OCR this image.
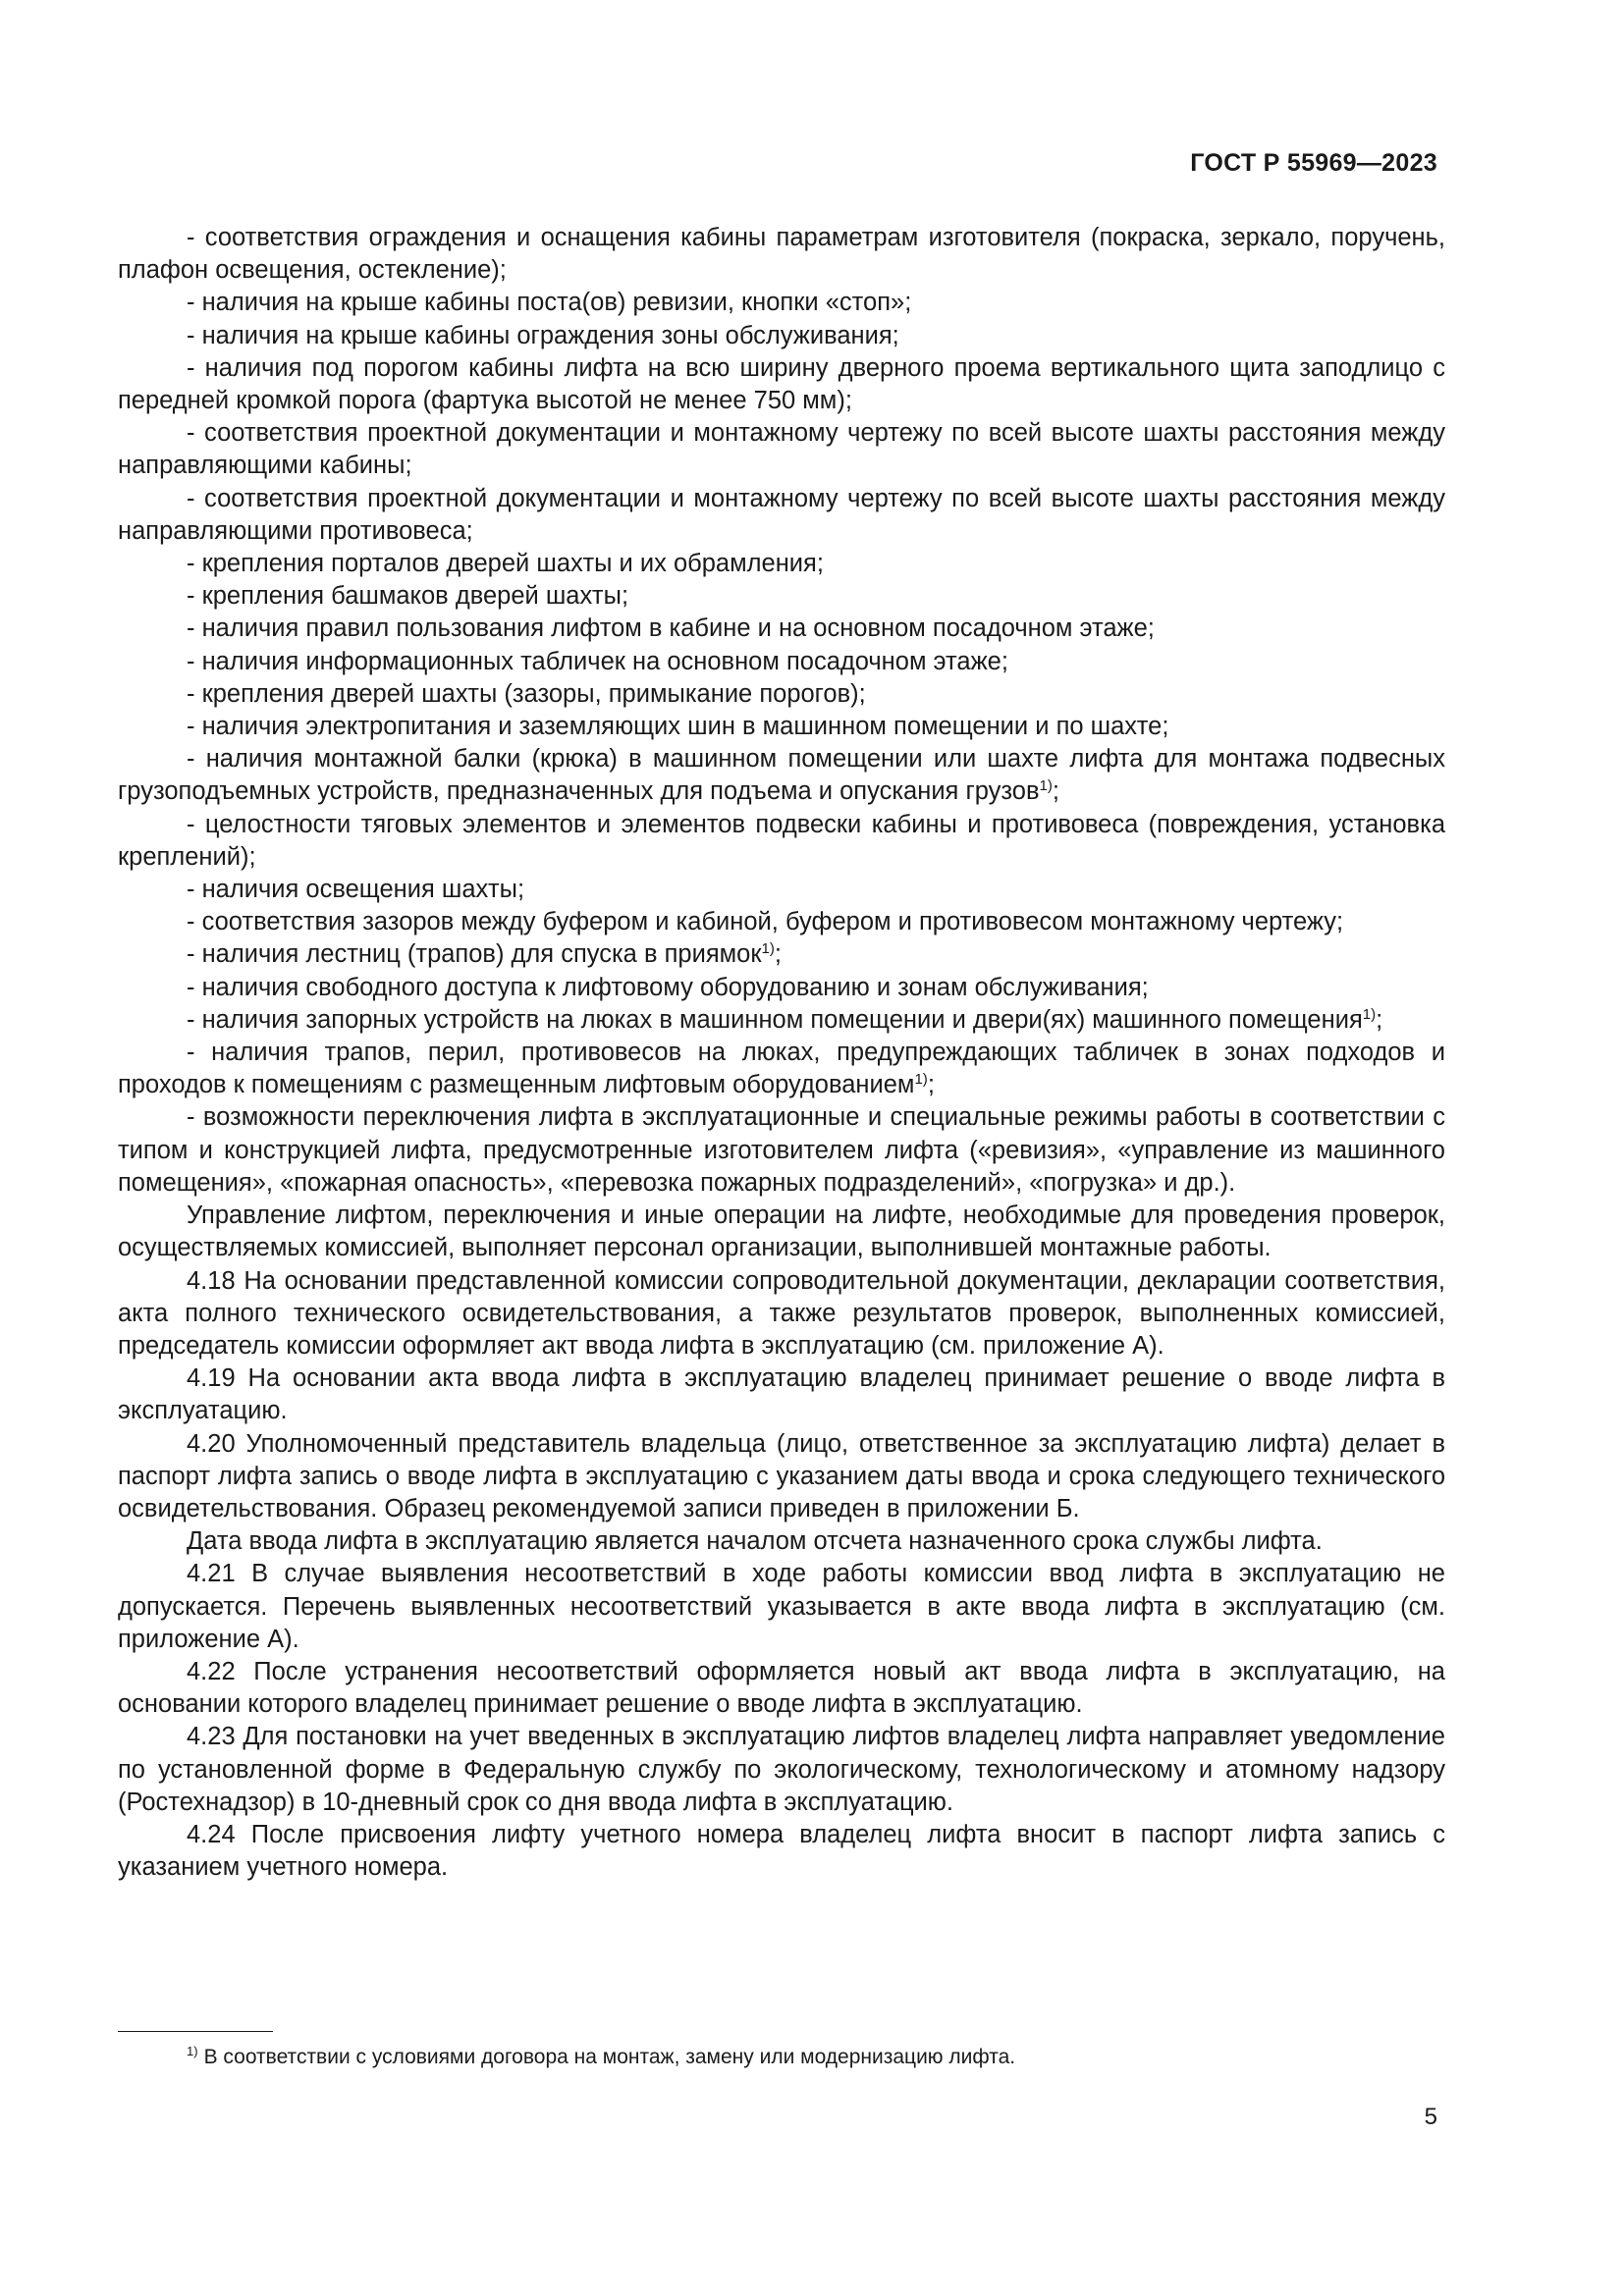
ГОСТ Р 55969—2023

- соответствия ограждения и оснащения кабины параметрам изготовителя (покраска, зеркало, поручень, плафон освещения, остекление);

- наличия на крыше кабины поста(ов) ревизии, кнопки «стоп»;

- наличия на крыше кабины ограждения зоны обслуживания;

- наличия под порогом кабины лифта на всю ширину дверного проема вертикального щита заподлицо с передней кромкой порога (фартука высотой не менее 750 мм);

- соответствия проектной документации и монтажному чертежу по всей высоте шахты расстояния между направляющими кабины;

- соответствия проектной документации и монтажному чертежу по всей высоте шахты расстояния между направляющими противовеса;

- крепления порталов дверей шахты и их обрамления;

- крепления башмаков дверей шахты;

- наличия правил пользования лифтом в кабине и на основном посадочном этаже;

- наличия информационных табличек на основном посадочном этаже;

- крепления дверей шахты (зазоры, примыкание порогов);

- наличия электропитания и заземляющих шин в машинном помещении и по шахте;

- наличия монтажной балки (крюка) в машинном помещении или шахте лифта для монтажа подвесных грузоподъемных устройств, предназначенных для подъема и опускания грузов$^{1)}$;

- целостности тяговых элементов и элементов подвески кабины и противовеса (повреждения, установка креплений);

- наличия освещения шахты;

- соответствия зазоров между буфером и кабиной, буфером и противовесом монтажному чертежу;

- наличия лестниц (трапов) для спуска в приямок$^{1)}$;

- наличия свободного доступа к лифтовому оборудованию и зонам обслуживания;

- наличия запорных устройств на люках в машинном помещении и двери(ях) машинного помещения$^{1)}$;

- наличия трапов, перил, противовесов на люках, предупреждающих табличек в зонах подходов и проходов к помещениям с размещенным лифтовым оборудованием$^{1)}$;

- возможности переключения лифта в эксплуатационные и специальные режимы работы в соответствии с типом и конструкцией лифта, предусмотренные изготовителем лифта («ревизия», «управление из машинного помещения», «пожарная опасность», «перевозка пожарных подразделений», «погрузка» и др.).

Управление лифтом, переключения и иные операции на лифте, необходимые для проведения проверок, осуществляемых комиссией, выполняет персонал организации, выполнившей монтажные работы.

4.18 На основании представленной комиссии сопроводительной документации, декларации соответствия, акта полного технического освидетельствования, а также результатов проверок, выполненных комиссией, председатель комиссии оформляет акт ввода лифта в эксплуатацию (см. приложение А).

4.19 На основании акта ввода лифта в эксплуатацию владелец принимает решение о вводе лифта в эксплуатацию.

4.20 Уполномоченный представитель владельца (лицо, ответственное за эксплуатацию лифта) делает в паспорт лифта запись о вводе лифта в эксплуатацию с указанием даты ввода и срока следующего технического освидетельствования. Образец рекомендуемой записи приведен в приложении Б.

Дата ввода лифта в эксплуатацию является началом отсчета назначенного срока службы лифта.

4.21 В случае выявления несоответствий в ходе работы комиссии ввод лифта в эксплуатацию не допускается. Перечень выявленных несоответствий указывается в акте ввода лифта в эксплуатацию (см. приложение А).

4.22 После устранения несоответствий оформляется новый акт ввода лифта в эксплуатацию, на основании которого владелец принимает решение о вводе лифта в эксплуатацию.

4.23 Для постановки на учет введенных в эксплуатацию лифтов владелец лифта направляет уведомление по установленной форме в Федеральную службу по экологическому, технологическому и атомному надзору (Ростехнадзор) в 10-дневный срок со дня ввода лифта в эксплуатацию.

4.24 После присвоения лифту учетного номера владелец лифта вносит в паспорт лифта запись с указанием учетного номера.

$^{1)}$ В соответствии с условиями договора на монтаж, замену или модернизацию лифта.
5
